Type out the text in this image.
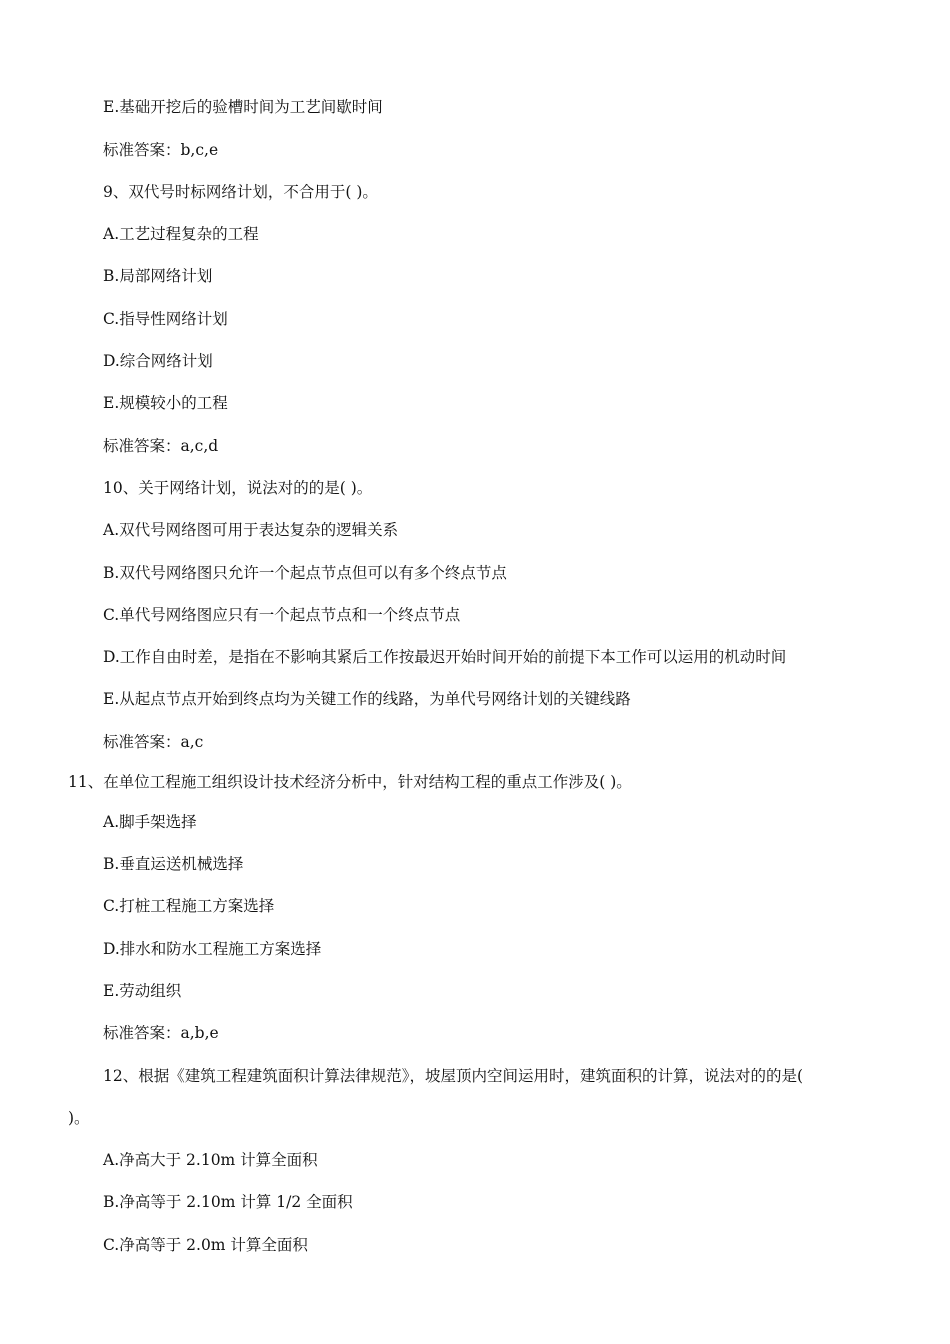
E.基础开挖后的验槽时间为工艺间歇时间
标准答案：b,c,e
9、双代号时标网络计划，不合用于( )。
A.工艺过程复杂的工程
B.局部网络计划
C.指导性网络计划
D.综合网络计划
E.规模较小的工程
标准答案：a,c,d
10、关于网络计划，说法对的的是( )。
A.双代号网络图可用于表达复杂的逻辑关系
B.双代号网络图只允许一个起点节点但可以有多个终点节点
C.单代号网络图应只有一个起点节点和一个终点节点
D.工作自由时差，是指在不影响其紧后工作按最迟开始时间开始的前提下本工作可以运用的机动时间
E.从起点节点开始到终点均为关键工作的线路，为单代号网络计划的关键线路
标准答案：a,c
11、在单位工程施工组织设计技术经济分析中，针对结构工程的重点工作涉及( )。
A.脚手架选择
B.垂直运送机械选择
C.打桩工程施工方案选择
D.排水和防水工程施工方案选择
E.劳动组织
标准答案：a,b,e
12、根据《建筑工程建筑面积计算法律规范》，坡屋顶内空间运用时，建筑面积的计算，说法对的的是(
)。
A.净高大于 2.10m 计算全面积
B.净高等于 2.10m 计算 1/2 全面积
C.净高等于 2.0m 计算全面积
